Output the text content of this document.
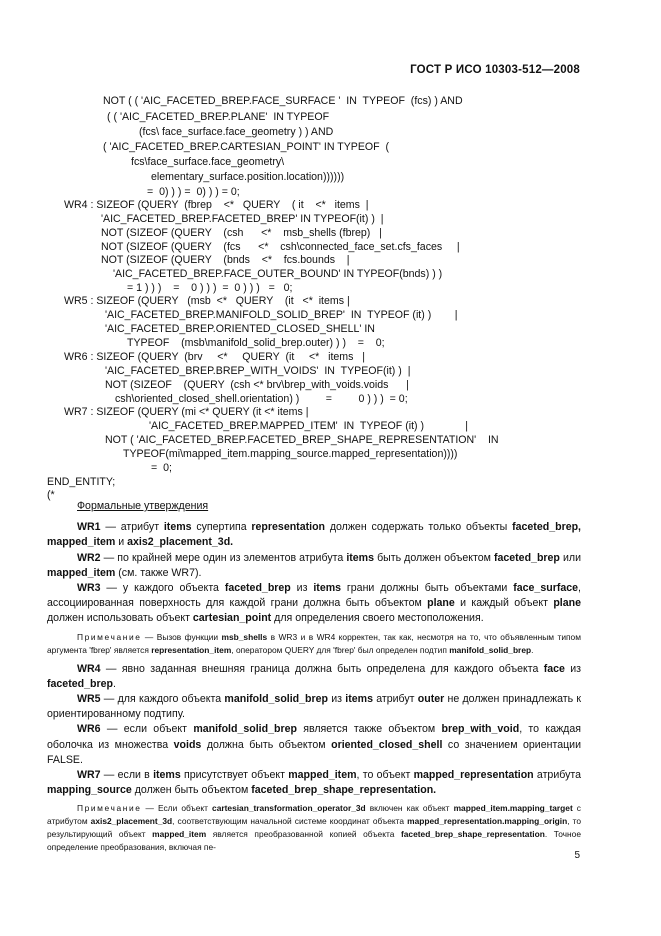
ГОСТ Р ИСО 10303-512—2008
NOT ( ( 'AIC_FACETED_BREP.FACE_SURFACE '  IN  TYPEOF  (fcs) ) AND
( ( 'AIC_FACETED_BREP.PLANE'  IN TYPEOF
(fcs\ face_surface.face_geometry ) ) AND
( 'AIC_FACETED_BREP.CARTESIAN_POINT' IN TYPEOF  (
fcs\face_surface.face_geometry\
elementary_surface.position.location))))))
=  0) ) ) =  0) ) ) = 0;
WR4 : SIZEOF (QUERY  (fbrep    <*   QUERY    ( it    <*   items  |
'AIC_FACETED_BREP.FACETED_BREP' IN TYPEOF(it) )  |
NOT (SIZEOF (QUERY    (csh      <*    msb_shells (fbrep)   |
NOT (SIZEOF (QUERY    (fcs      <*    csh\connected_face_set.cfs_faces     |
NOT (SIZEOF (QUERY    (bnds    <*    fcs.bounds    |
'AIC_FACETED_BREP.FACE_OUTER_BOUND' IN TYPEOF(bnds) ) )
= 1 ) ) )    =    0 ) ) )  =  0 ) ) )   =   0;
WR5 : SIZEOF (QUERY   (msb  <*   QUERY    (it   <*  items |
'AIC_FACETED_BREP.MANIFOLD_SOLID_BREP'  IN  TYPEOF (it) )        |
'AIC_FACETED_BREP.ORIENTED_CLOSED_SHELL' IN
TYPEOF    (msb\manifold_solid_brep.outer) ) )    =    0;
WR6 : SIZEOF (QUERY  (brv     <*     QUERY  (it     <*   items   |
'AIC_FACETED_BREP.BREP_WITH_VOIDS'  IN  TYPEOF(it) )  |
NOT (SIZEOF    (QUERY  (csh <* brv\brep_with_voids.voids      |
csh\oriented_closed_shell.orientation) )         =         0 ) ) )  = 0;
WR7 : SIZEOF (QUERY (mi <* QUERY (it <* items |
'AIC_FACETED_BREP.MAPPED_ITEM'  IN  TYPEOF (it) )              |
NOT ( 'AIC_FACETED_BREP.FACETED_BREP_SHAPE_REPRESENTATION'    IN
TYPEOF(mi\mapped_item.mapping_source.mapped_representation))))
=  0;
END_ENTITY;
(*

Формальные утверждения

WR1 — атрибут items супертипа representation должен содержать только объекты faceted_brep, mapped_item и axis2_placement_3d.

WR2 — по крайней мере один из элементов атрибута items быть должен объектом faceted_brep или mapped_item (см. также WR7).

WR3 — у каждого объекта faceted_brep из items грани должны быть объектами face_surface, ассоциированная поверхность для каждой грани должна быть объектом plane и каждый объект plane должен использовать объект cartesian_point для определения своего местоположения.

Примечание — Вызов функции msb_shells в WR3 и в WR4 корректен, так как, несмотря на то, что объявленным типом аргумента 'fbrep' является representation_item, оператором QUERY для 'fbrep' был определен подтип manifold_solid_brep.

WR4 — явно заданная внешняя граница должна быть определена для каждого объекта face из faceted_brep.

WR5 — для каждого объекта manifold_solid_brep из items атрибут outer не должен принадлежать к ориентированному подтипу.

WR6 — если объект manifold_solid_brep является также объектом brep_with_void, то каждая оболочка из множества voids должна быть объектом oriented_closed_shell со значением ориентации FALSE.

WR7 — если в items присутствует объект mapped_item, то объект mapped_representation атрибута mapping_source должен быть объектом faceted_brep_shape_representation.

Примечание — Если объект cartesian_transformation_operator_3d включен как объект mapped_item.mapping_target с атрибутом axis2_placement_3d, соответствующим начальной системе координат объекта mapped_representation.mapping_origin, то результирующий объект mapped_item является преобразованной копией объекта faceted_brep_shape_representation. Точное определение преобразования, включая пе-

5
